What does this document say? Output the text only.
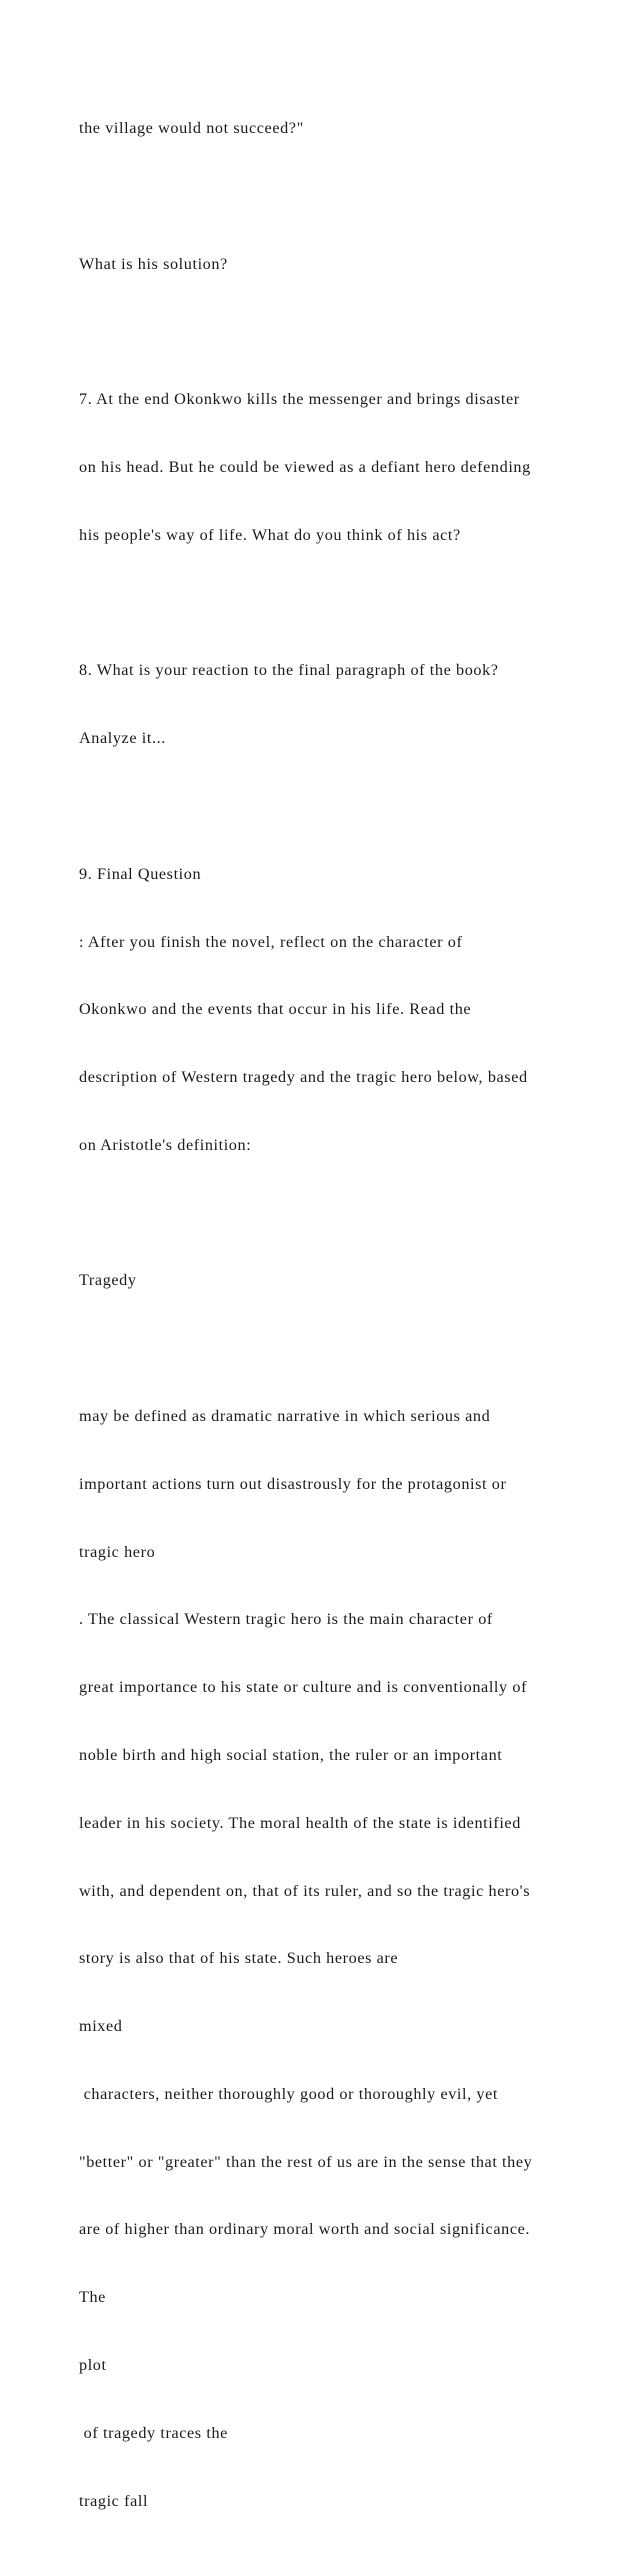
the village would not succeed?"

What is his solution?

7. At the end Okonkwo kills the messenger and brings disaster

on his head. But he could be viewed as a defiant hero defending

his people's way of life. What do you think of his act?

8. What is your reaction to the final paragraph of the book?

Analyze it...

9. Final Question

: After you finish the novel, reflect on the character of

Okonkwo and the events that occur in his life. Read the

description of Western tragedy and the tragic hero below, based

on Aristotle's definition:

Tragedy

may be defined as dramatic narrative in which serious and

important actions turn out disastrously for the protagonist or

tragic hero

. The classical Western tragic hero is the main character of

great importance to his state or culture and is conventionally of

noble birth and high social station, the ruler or an important

leader in his society. The moral health of the state is identified

with, and dependent on, that of its ruler, and so the tragic hero's

story is also that of his state. Such heroes are

mixed

characters, neither thoroughly good or thoroughly evil, yet

"better" or "greater" than the rest of us are in the sense that they

are of higher than ordinary moral worth and social significance.

The

plot

of tragedy traces the

tragic fall
